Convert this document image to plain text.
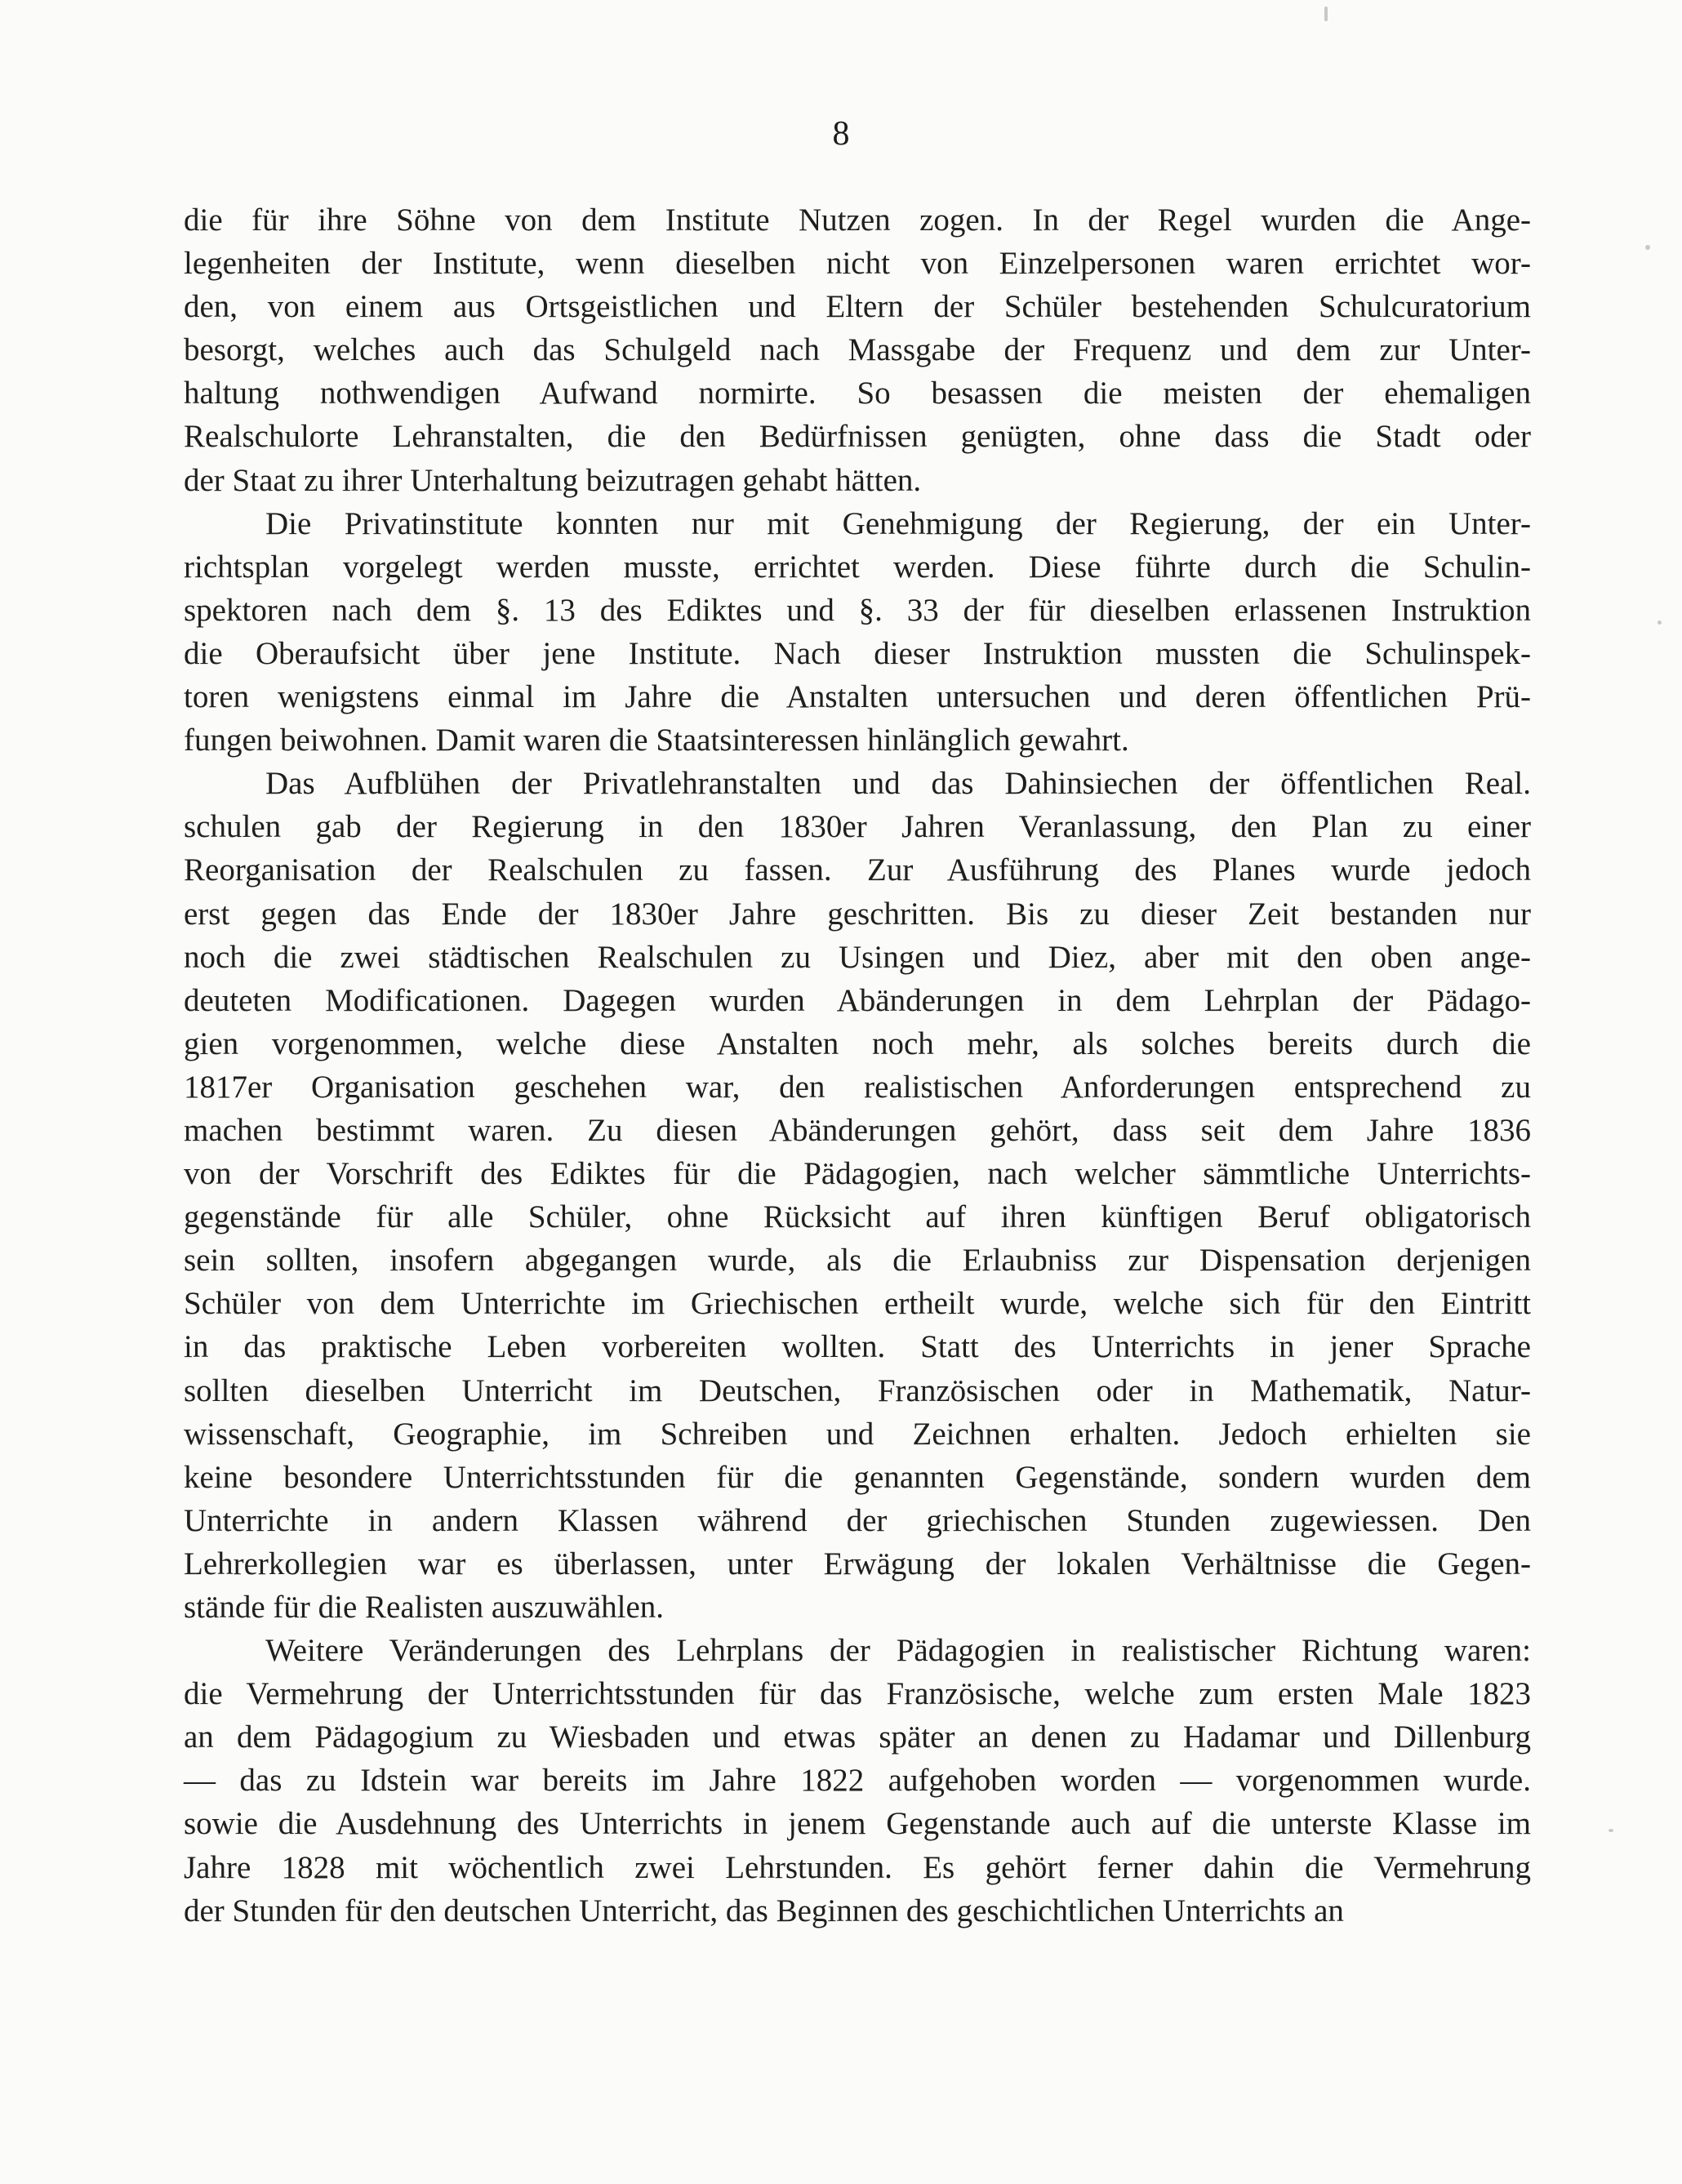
8
die für ihre Söhne von dem Institute Nutzen zogen. In der Regel wurden die Ange-
legenheiten der Institute, wenn dieselben nicht von Einzelpersonen waren errichtet wor-
den, von einem aus Ortsgeistlichen und Eltern der Schüler bestehenden Schulcuratorium
besorgt, welches auch das Schulgeld nach Massgabe der Frequenz und dem zur Unter-
haltung nothwendigen Aufwand normirte. So besassen die meisten der ehemaligen
Realschulorte Lehranstalten, die den Bedürfnissen genügten, ohne dass die Stadt oder
der Staat zu ihrer Unterhaltung beizutragen gehabt hätten.
Die Privatinstitute konnten nur mit Genehmigung der Regierung, der ein Unter-
richtsplan vorgelegt werden musste, errichtet werden. Diese führte durch die Schulin-
spektoren nach dem §. 13 des Ediktes und §. 33 der für dieselben erlassenen Instruktion
die Oberaufsicht über jene Institute. Nach dieser Instruktion mussten die Schulinspek-
toren wenigstens einmal im Jahre die Anstalten untersuchen und deren öffentlichen Prü-
fungen beiwohnen. Damit waren die Staatsinteressen hinlänglich gewahrt.
Das Aufblühen der Privatlehranstalten und das Dahinsiechen der öffentlichen Real.
schulen gab der Regierung in den 1830er Jahren Veranlassung, den Plan zu einer
Reorganisation der Realschulen zu fassen. Zur Ausführung des Planes wurde jedoch
erst gegen das Ende der 1830er Jahre geschritten. Bis zu dieser Zeit bestanden nur
noch die zwei städtischen Realschulen zu Usingen und Diez, aber mit den oben ange-
deuteten Modificationen. Dagegen wurden Abänderungen in dem Lehrplan der Pädago-
gien vorgenommen, welche diese Anstalten noch mehr, als solches bereits durch die
1817er Organisation geschehen war, den realistischen Anforderungen entsprechend zu
machen bestimmt waren. Zu diesen Abänderungen gehört, dass seit dem Jahre 1836
von der Vorschrift des Ediktes für die Pädagogien, nach welcher sämmtliche Unterrichts-
gegenstände für alle Schüler, ohne Rücksicht auf ihren künftigen Beruf obligatorisch
sein sollten, insofern abgegangen wurde, als die Erlaubniss zur Dispensation derjenigen
Schüler von dem Unterrichte im Griechischen ertheilt wurde, welche sich für den Eintritt
in das praktische Leben vorbereiten wollten. Statt des Unterrichts in jener Sprache
sollten dieselben Unterricht im Deutschen, Französischen oder in Mathematik, Natur-
wissenschaft, Geographie, im Schreiben und Zeichnen erhalten. Jedoch erhielten sie
keine besondere Unterrichtsstunden für die genannten Gegenstände, sondern wurden dem
Unterrichte in andern Klassen während der griechischen Stunden zugewiessen. Den
Lehrerkollegien war es überlassen, unter Erwägung der lokalen Verhältnisse die Gegen-
stände für die Realisten auszuwählen.
Weitere Veränderungen des Lehrplans der Pädagogien in realistischer Richtung waren:
die Vermehrung der Unterrichtsstunden für das Französische, welche zum ersten Male 1823
an dem Pädagogium zu Wiesbaden und etwas später an denen zu Hadamar und Dillenburg
— das zu Idstein war bereits im Jahre 1822 aufgehoben worden — vorgenommen wurde.
sowie die Ausdehnung des Unterrichts in jenem Gegenstande auch auf die unterste Klasse im
Jahre 1828 mit wöchentlich zwei Lehrstunden. Es gehört ferner dahin die Vermehrung
der Stunden für den deutschen Unterricht, das Beginnen des geschichtlichen Unterrichts an
